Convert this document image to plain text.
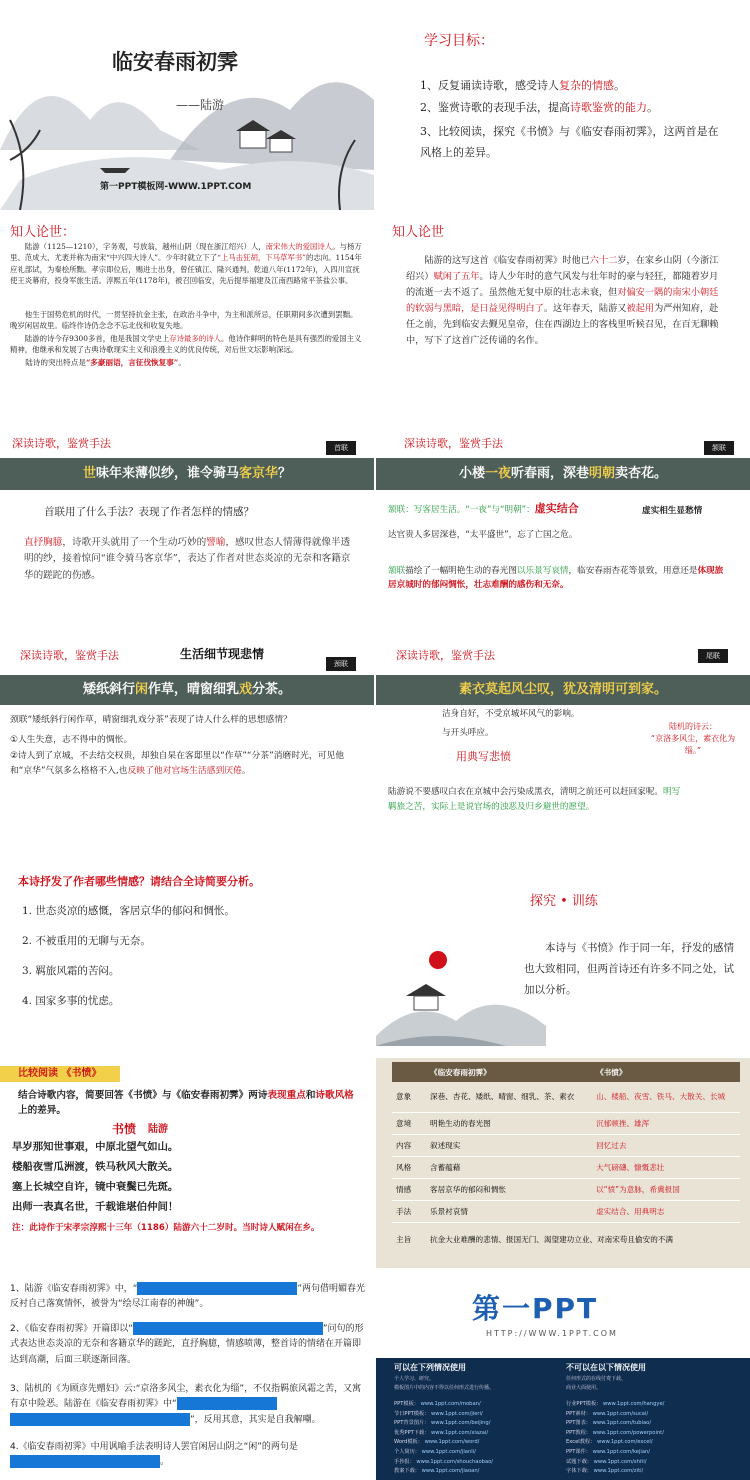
临安春雨初霁
——陆游
第一PPT模板网-WWW.1PPT.COM
学习目标：
1、反复诵读诗歌，感受诗人复杂的情感。
2、鉴赏诗歌的表现手法，提高诗歌鉴赏的能力。
3、比较阅读，探究《书愤》与《临安春雨初霁》，这两首是在风格上的差异。
知人论世：
陆游（1125—1210），字务观，号放翁，越州山阴（现在浙江绍兴）人，南宋伟大的爱国诗人。与杨万里、范成大、尤袤并称为南宋“中兴四大诗人”。少年时就立下了“上马击狂胡，下马草军书”的志向。1154年应礼部试，为秦桧所黜。孝宗即位后，赐进士出身，曾任镇江、隆兴通判。乾道八年(1172年)，入四川宣抚使王炎幕府，投身军旅生活。淳熙五年(1178年)，被召回临安，先后提举福建及江南西路常平茶盐公事。
他生于国势危机的时代，一贯坚持抗金主张，在政治斗争中，为主和派所忌，任职期间多次遭到罢黜。晚岁闲居故里。临终作诗仍念念不忘北伐和收复失地。
陆游的诗今存9300多首，他是我国文学史上存诗最多的诗人。他诗作鲜明的特色是具有强烈的爱国主义精神，他继承和发展了古典诗歌现实主义和浪漫主义的优良传统，对后世文坛影响深远。
陆诗的突出特点是“多豪丽语，言征伐恢复事”。
知人论世
陆游的这写这首《临安春雨初霁》时他已六十二岁，在家乡山阴（今浙江绍兴）赋闲了五年。诗人少年时的意气风发与壮年时的豪与轻狂，都随着岁月的流逝一去不返了。虽然他无复中原的壮志未衰，但对偏安一隅的南宋小朝廷的软弱与黑暗，是日益见得明白了。这年春天，陆游又被起用为严州知府，赴任之前，先到临安去觐见皇帝，住在西湖边上的客栈里听候召见，在百无聊赖中，写下了这首广泛传诵的名作。
深读诗歌，鉴赏手法	首联
世味年来薄似纱，谁令骑马客京华？
首联用了什么手法？表现了作者怎样的情感？
直抒胸臆，诗歌开头就用了一个生动巧妙的譬喻，感叹世态人情薄得就像半透明的纱，接着惊问“谁令骑马客京华”，表达了作者对世态炎凉的无奈和客籍京华的蹉跎的伤感。
深读诗歌，鉴赏手法	颔联
小楼一夜听春雨，深巷明朝卖杏花。
颔联：写客居生活。“一夜”与“明朝”：虚实结合	虚实相生显愁情
达官贵人多居深巷，“太平盛世”，忘了亡国之危。
颔联描绘了一幅明艳生动的春光图以乐景写哀情，临安春雨杏花等景致，用意还是体现旅居京城时的郁闷惆怅，壮志难酬的感伤和无奈。
深读诗歌，鉴赏手法	生活细节现悲情
颈联
矮纸斜行闲作草，晴窗细乳戏分茶。
颈联“矮纸斜行闲作草，晴窗细乳戏分茶”表现了诗人什么样的思想感情？
①人生失意，志不得申的惆怅。
②诗人到了京城，不去结交权贵，却独自杲在客邸里以“作草”“分茶”消磨时光，可见他和“京华”气氛多么格格不入,也反映了他对官场生活感到厌倦。
深读诗歌，鉴赏手法	尾联
素衣莫起风尘叹，犹及清明可到家。
洁身自好，不受京城坏风气的影响。
与开头呼应。
用典写悲愤
陆机的诗云：
“京洛多风尘，素衣化为缁。”
陆游说不要感叹白衣在京城中会污染成黑衣，清明之前还可以赶回家呢。明写羁旅之苦，实际上是说官场的浊恶及归乡避世的愿望。
本诗抒发了作者哪些情感？请结合全诗简要分析。
1. 世态炎凉的感慨，客居京华的郁闷和惆怅。
2. 不被重用的无聊与无奈。
3. 羁旅风霜的苦闷。
4. 国家多事的忧虑。
探究 • 训练
本诗与《书愤》作于同一年，抒发的感情也大致相同，但两首诗还有许多不同之处，试加以分析。
比较阅读 《书愤》
结合诗歌内容，简要回答《书愤》与《临安春雨初霁》两诗表现重点和诗歌风格上的差异。
书愤 陆游
早岁那知世事艰，中原北望气如山。
楼船夜雪瓜洲渡，铁马秋风大散关。
塞上长城空自许，镜中衰鬓已先斑。
出师一表真名世，千载谁堪伯仲间！
注：此诗作于宋孝宗淳熙十三年（1186）陆游六十二岁时。当时诗人赋闲在乡。
	《临安春雨初霁》	《书愤》
意象	深巷、杏花、矮纸、晴窗、细乳、茶、素衣	山、楼船、夜雪、铁马、大散关、长城
意境	明艳生动的春光图	沉郁顿挫、雄浑
内容	叙述现实	回忆过去
风格	含蓄蕴藉	大气磅礴、慷慨悲壮
情感	客居京华的郁闷和惆怅	以“愤”为意脉，希冀报国
手法	乐景衬哀情	虚实结合、用典明志
主旨	抗金大业难酬的悲情、报国无门、渴望建功立业、对南宋苟且偷安的不满	
1、陆游《临安春雨初霁》中，“	”两句借明媚春光反衬自己落寞情怀，被誉为“绘尽江南春的神魄”。
2、《临安春雨初霁》开篇即以“	”问句的形式表达世态炎凉的无奈和客籍京华的蹉跎，直抒胸臆，情感喷薄，整首诗的情绪在开篇即达到高潮，后面三联逐渐回落。
3、陆机的《为顾彦先赠妇》云:“京洛多风尘，素衣化为缁”，不仅指羁旅风霜之苦，又寓有京中险恶。陆游在《临安春雨初霁》中“”，反用其意，其实是自我解嘲。
4.《临安春雨初霁》中用讽喻手法表明诗人罢官闲居山阴之“闲”的两句是。
第一PPT
HTTP://WWW.1PPT.COM
可以在下列情况使用
个人学习、研究。
模板图片中的内容不得以任何形式进行传播。
不可以在以下情况使用
任何形式的在线付费下载。
商业大面使用。
PPT模板： www.1ppt.com/moban/
节日PPT模板： www.1ppt.com/jieri/
PPT背景图片： www.1ppt.com/beijing/
优秀PPT下载： www.1ppt.com/xiazai/
Word模板： www.1ppt.com/word/
个人简历： www.1ppt.com/jianli/
手抄报： www.1ppt.com/shouchaobao/
教案下载： www.1ppt.com/jiaoan/
行业PPT模板： www.1ppt.com/hangye/
PPT素材： www.1ppt.com/sucai/
PPT图表： www.1ppt.com/tubiao/
PPT教程： www.1ppt.com/powerpoint/
Excel教程： www.1ppt.com/excel/
PPT课件： www.1ppt.com/kejian/
试题下载： www.1ppt.com/shiti/
字体下载： www.1ppt.com/ziti/
